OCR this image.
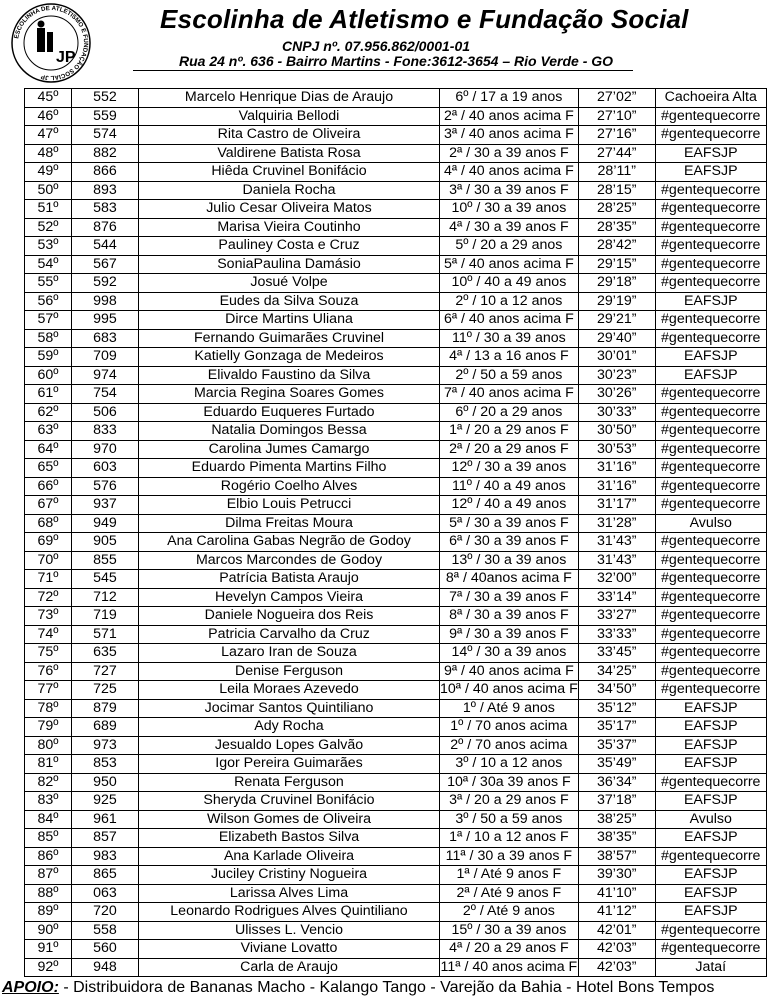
ESCOLINHA DE ATLETISMO E FUNDAÇÃO SOCIAL JP
JP
Escolinha de Atletismo e Fundação Social
CNPJ nº. 07.956.862/0001-01
Rua 24 nº. 636 - Bairro Martins - Fone:3612-3654 – Rio Verde - GO
45º	552	Marcelo Henrique Dias de Araujo	6º / 17 a 19 anos	27’02”	Cachoeira Alta
46º	559	Valquiria Bellodi	2ª / 40 anos acima F	27’10”	#gentequecorre
47º	574	Rita Castro de Oliveira	3ª / 40 anos acima F	27’16”	#gentequecorre
48º	882	Valdirene Batista Rosa	2ª / 30 a 39 anos F	27’44”	EAFSJP
49º	866	Hiêda Cruvinel Bonifácio	4ª / 40 anos acima F	28’11”	EAFSJP
50º	893	Daniela Rocha	3ª / 30 a 39 anos F	28’15”	#gentequecorre
51º	583	Julio Cesar Oliveira Matos	10º / 30 a 39 anos	28’25”	#gentequecorre
52º	876	Marisa Vieira Coutinho	4ª / 30 a 39 anos F	28’35”	#gentequecorre
53º	544	Pauliney Costa e Cruz	5º / 20 a 29 anos	28’42”	#gentequecorre
54º	567	SoniaPaulina Damásio	5ª / 40 anos acima F	29’15”	#gentequecorre
55º	592	Josué Volpe	10º / 40 a 49 anos	29’18”	#gentequecorre
56º	998	Eudes da Silva Souza	2º / 10 a 12 anos	29’19”	EAFSJP
57º	995	Dirce Martins Uliana	6ª / 40 anos acima F	29’21”	#gentequecorre
58º	683	Fernando Guimarães Cruvinel	11º / 30 a 39 anos	29’40”	#gentequecorre
59º	709	Katielly Gonzaga de Medeiros	4ª / 13 a 16 anos F	30’01”	EAFSJP
60º	974	Elivaldo Faustino da Silva	2º / 50 a 59 anos	30’23”	EAFSJP
61º	754	Marcia Regina Soares Gomes	7ª / 40 anos acima F	30’26”	#gentequecorre
62º	506	Eduardo Euqueres Furtado	6º / 20 a 29 anos	30’33”	#gentequecorre
63º	833	Natalia Domingos Bessa	1ª / 20 a 29 anos F	30’50”	#gentequecorre
64º	970	Carolina Jumes Camargo	2ª / 20 a 29 anos F	30’53”	#gentequecorre
65º	603	Eduardo Pimenta Martins Filho	12º / 30 a 39 anos	31’16”	#gentequecorre
66º	576	Rogério Coelho Alves	11º / 40 a 49 anos	31’16”	#gentequecorre
67º	937	Elbio Louis Petrucci	12º / 40 a 49 anos	31’17”	#gentequecorre
68º	949	Dilma Freitas Moura	5ª / 30 a 39 anos F	31’28”	Avulso
69º	905	Ana Carolina Gabas Negrão de Godoy	6ª / 30 a 39 anos F	31’43”	#gentequecorre
70º	855	Marcos Marcondes de Godoy	13º / 30 a 39 anos	31’43”	#gentequecorre
71º	545	Patrícia Batista Araujo	8ª / 40anos acima F	32’00”	#gentequecorre
72º	712	Hevelyn Campos Vieira	7ª / 30 a 39 anos F	33’14”	#gentequecorre
73º	719	Daniele Nogueira dos Reis	8ª / 30 a 39 anos F	33’27”	#gentequecorre
74º	571	Patricia Carvalho da Cruz	9ª / 30 a 39 anos F	33’33”	#gentequecorre
75º	635	Lazaro Iran de Souza	14º / 30 a 39 anos	33’45”	#gentequecorre
76º	727	Denise Ferguson	9ª / 40 anos acima F	34’25”	#gentequecorre
77º	725	Leila Moraes Azevedo	10ª / 40 anos acima F	34’50”	#gentequecorre
78º	879	Jocimar Santos Quintiliano	1º / Até 9 anos	35’12”	EAFSJP
79º	689	Ady Rocha	1º / 70 anos acima	35’17”	EAFSJP
80º	973	Jesualdo Lopes Galvão	2º / 70 anos acima	35’37”	EAFSJP
81º	853	Igor Pereira Guimarães	3º / 10 a 12 anos	35’49”	EAFSJP
82º	950	Renata Ferguson	10ª / 30a 39 anos F	36’34”	#gentequecorre
83º	925	Sheryda Cruvinel Bonifácio	3ª / 20 a 29 anos F	37’18”	EAFSJP
84º	961	Wilson Gomes de Oliveira	3º / 50 a 59 anos	38’25”	Avulso
85º	857	Elizabeth Bastos Silva	1ª / 10 a 12 anos F	38’35”	EAFSJP
86º	983	Ana Karlade Oliveira	11ª / 30 a 39 anos F	38’57”	#gentequecorre
87º	865	Juciley Cristiny Nogueira	1ª / Até 9 anos F	39’30”	EAFSJP
88º	063	Larissa Alves Lima	2ª / Até 9 anos F	41’10”	EAFSJP
89º	720	Leonardo Rodrigues Alves Quintiliano	2º / Até 9 anos	41’12”	EAFSJP
90º	558	Ulisses L. Vencio	15º / 30 a 39 anos	42’01”	#gentequecorre
91º	560	Viviane Lovatto	4ª / 20 a 29 anos F	42’03”	#gentequecorre
92º	948	Carla de Araujo	11ª / 40 anos acima F	42’03”	Jataí
APOIO: - Distribuidora de Bananas Macho - Kalango Tango - Varejão da Bahia - Hotel Bons Tempos
